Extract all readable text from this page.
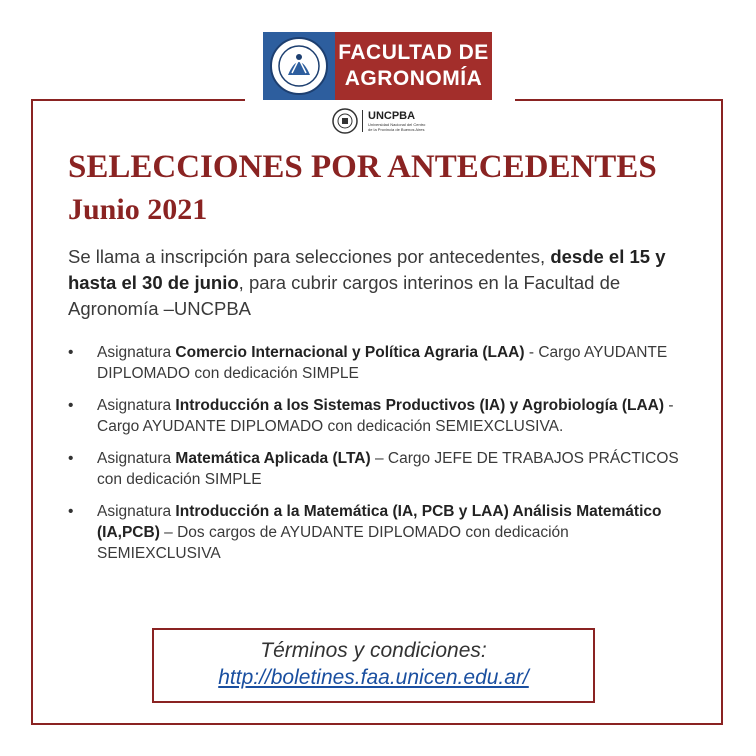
FACULTAD DE
AGRONOMÍA
UNCPBA
Universidad Nacional del Centro de la Provincia de Buenos Aires
SELECCIONES POR ANTECEDENTES
Junio 2021

Se llama a inscripción para selecciones por antecedentes, desde el 15 y hasta el 30 de junio, para cubrir cargos interinos en la Facultad de Agronomía –UNCPBA

• Asignatura Comercio Internacional y Política Agraria (LAA) - Cargo AYUDANTE DIPLOMADO con dedicación SIMPLE
• Asignatura Introducción a los Sistemas Productivos (IA) y Agrobiología (LAA) - Cargo AYUDANTE DIPLOMADO con dedicación SEMIEXCLUSIVA.
• Asignatura Matemática Aplicada (LTA) – Cargo JEFE DE TRABAJOS PRÁCTICOS con dedicación SIMPLE
• Asignatura Introducción a la Matemática (IA, PCB y LAA) Análisis Matemático (IA,PCB) – Dos cargos de AYUDANTE DIPLOMADO con dedicación SEMIEXCLUSIVA
Términos y condiciones:
http://boletines.faa.unicen.edu.ar/
